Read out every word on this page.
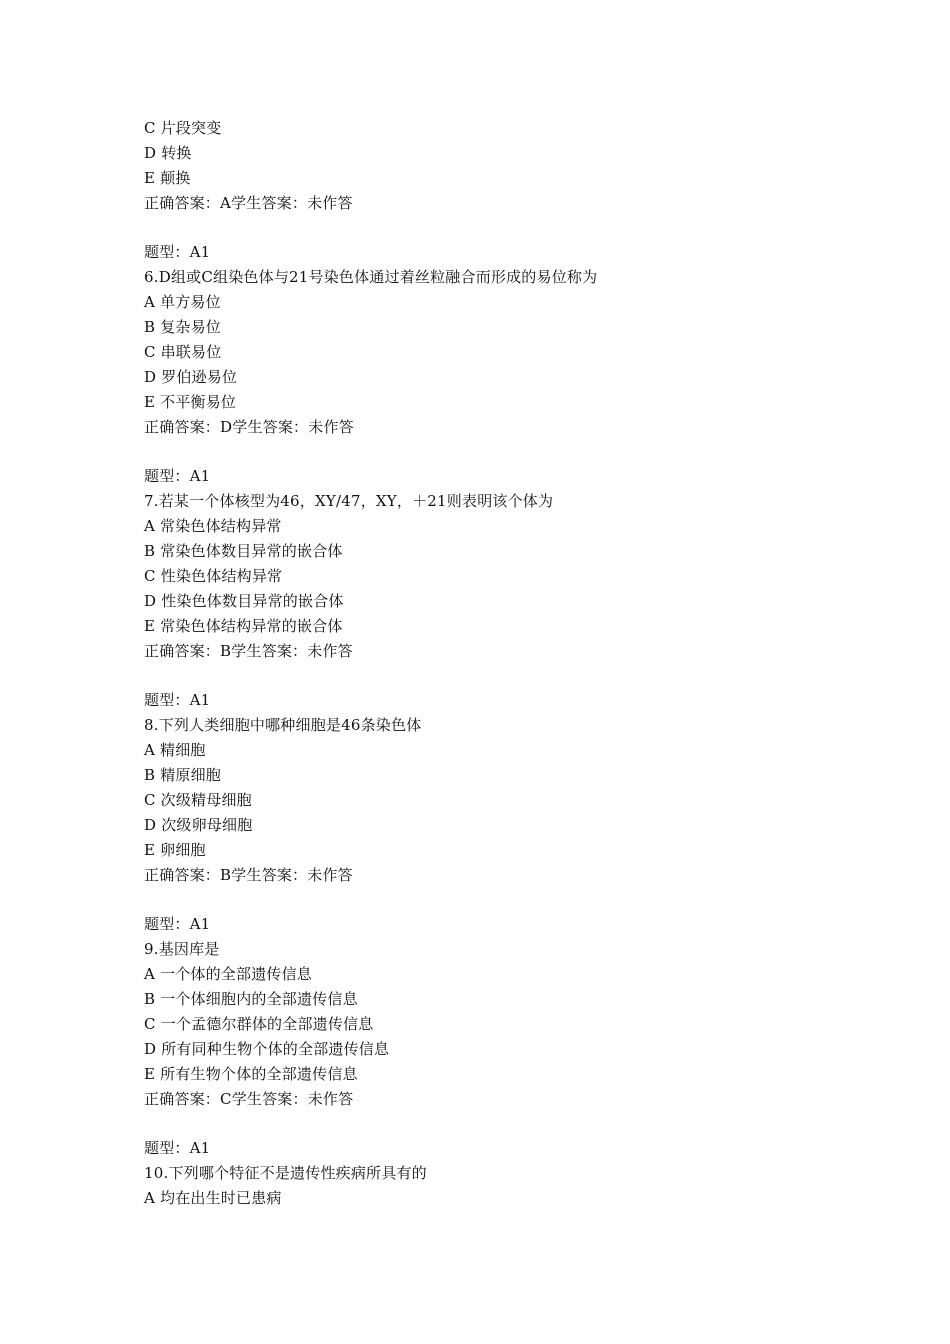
C 片段突变
D 转换
E 颠换
正确答案：A学生答案：未作答
题型：A1
6.D组或C组染色体与21号染色体通过着丝粒融合而形成的易位称为
A 单方易位
B 复杂易位
C 串联易位
D 罗伯逊易位
E 不平衡易位
正确答案：D学生答案：未作答
题型：A1
7.若某一个体核型为46，XY/47，XY，＋21则表明该个体为
A 常染色体结构异常
B 常染色体数目异常的嵌合体
C 性染色体结构异常
D 性染色体数目异常的嵌合体
E 常染色体结构异常的嵌合体
正确答案：B学生答案：未作答
题型：A1
8.下列人类细胞中哪种细胞是46条染色体
A 精细胞
B 精原细胞
C 次级精母细胞
D 次级卵母细胞
E 卵细胞
正确答案：B学生答案：未作答
题型：A1
9.基因库是
A 一个体的全部遗传信息
B 一个体细胞内的全部遗传信息
C 一个孟德尔群体的全部遗传信息
D 所有同种生物个体的全部遗传信息
E 所有生物个体的全部遗传信息
正确答案：C学生答案：未作答
题型：A1
10.下列哪个特征不是遗传性疾病所具有的
A 均在出生时已患病
